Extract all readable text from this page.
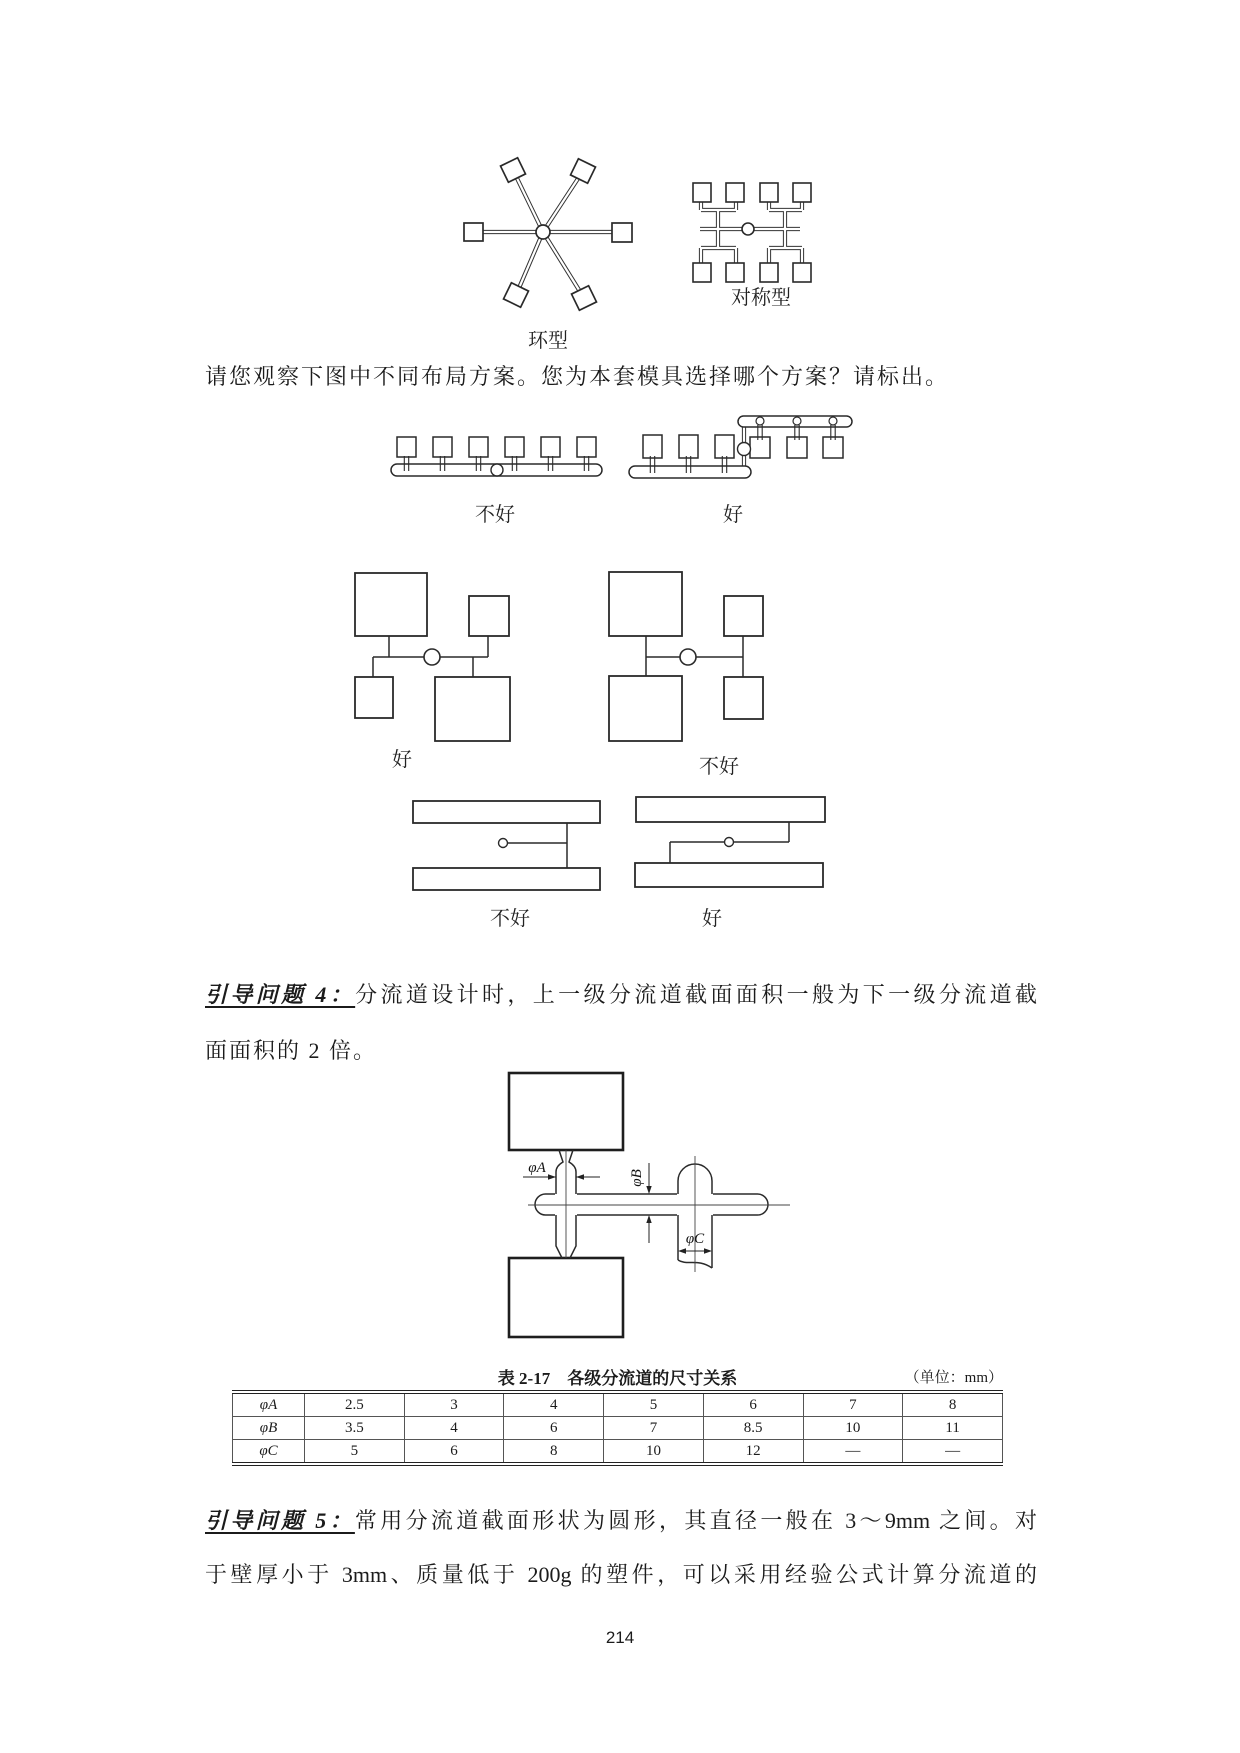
环型
对称型
请您观察下图中不同布局方案。您为本套模具选择哪个方案？请标出。
不好	好
好	不好
不好	好
引导问题 4：分流道设计时，上一级分流道截面面积一般为下一级分流道截
面面积的 2 倍。
φA
φB
φC
表 2-17　各级分流道的尺寸关系	（单位：mm）
φA	2.5	3	4	5	6	7	8
φB	3.5	4	6	7	8.5	10	11
φC	5	6	8	10	12	—	—
引导问题 5：常用分流道截面形状为圆形，其直径一般在 3～9mm 之间。对
于壁厚小于 3mm、质量低于 200g 的塑件，可以采用经验公式计算分流道的
214
